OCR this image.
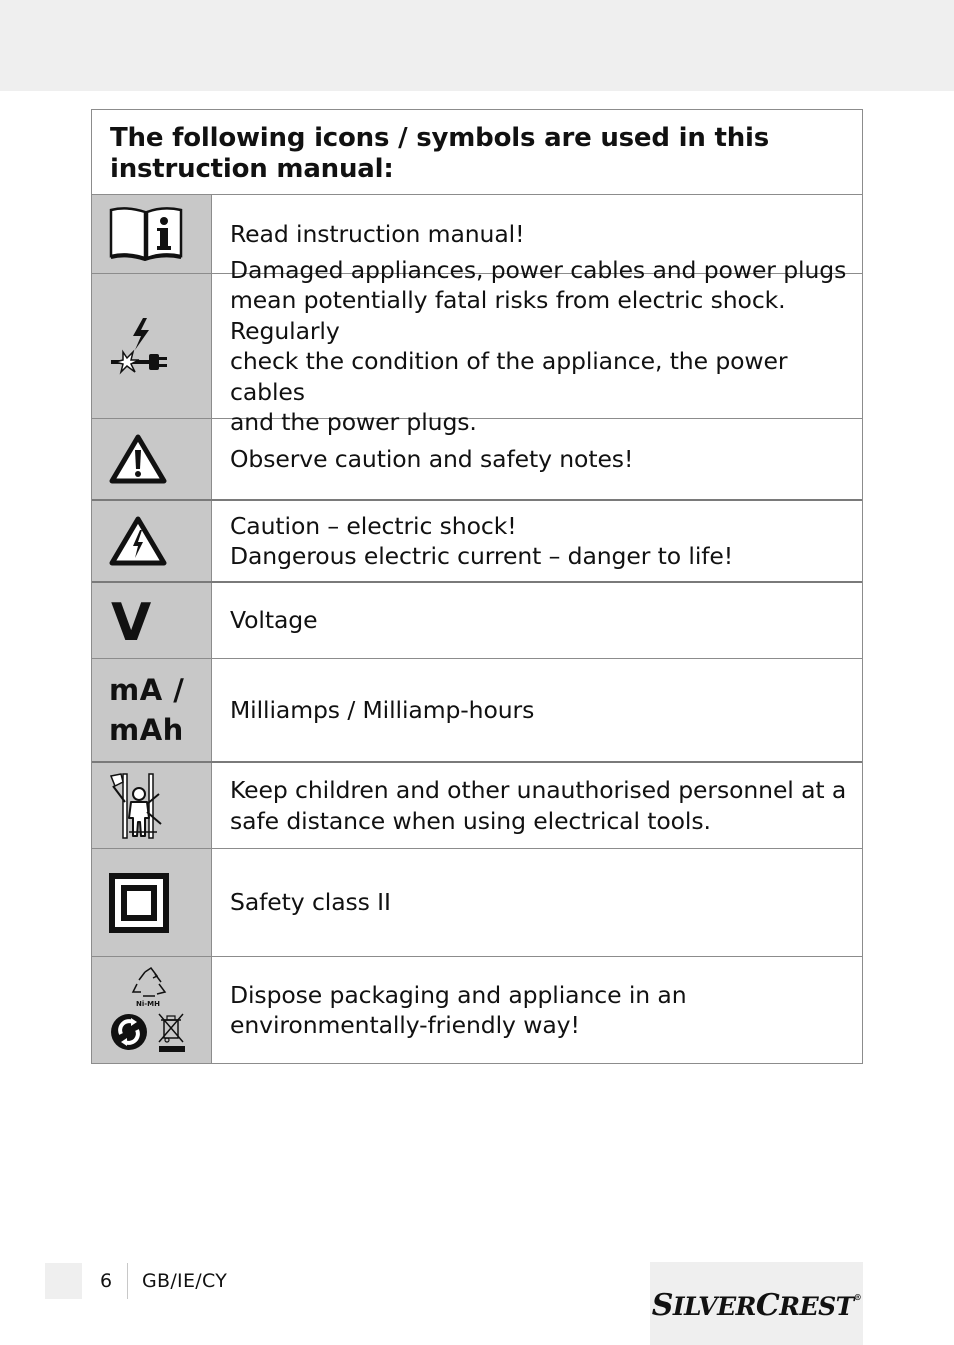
The following icons / symbols are used in this
instruction manual:
Read instruction manual!
Damaged appliances, power cables and power plugs
mean potentially fatal risks from electric shock. Regularly
check the condition of the appliance, the power cables
and the power plugs.
Observe caution and safety notes!
Caution – electric shock!
Dangerous electric current – danger to life!
V	Voltage
mA /
mAh
Milliamps / Milliamp-hours
Keep children and other unauthorised personnel at a
safe distance when using electrical tools.
Safety class II
Ni-MH	Dispose packaging and appliance in an
environmentally-friendly way!
6 GB/IE/CY
SILVERCREST®
